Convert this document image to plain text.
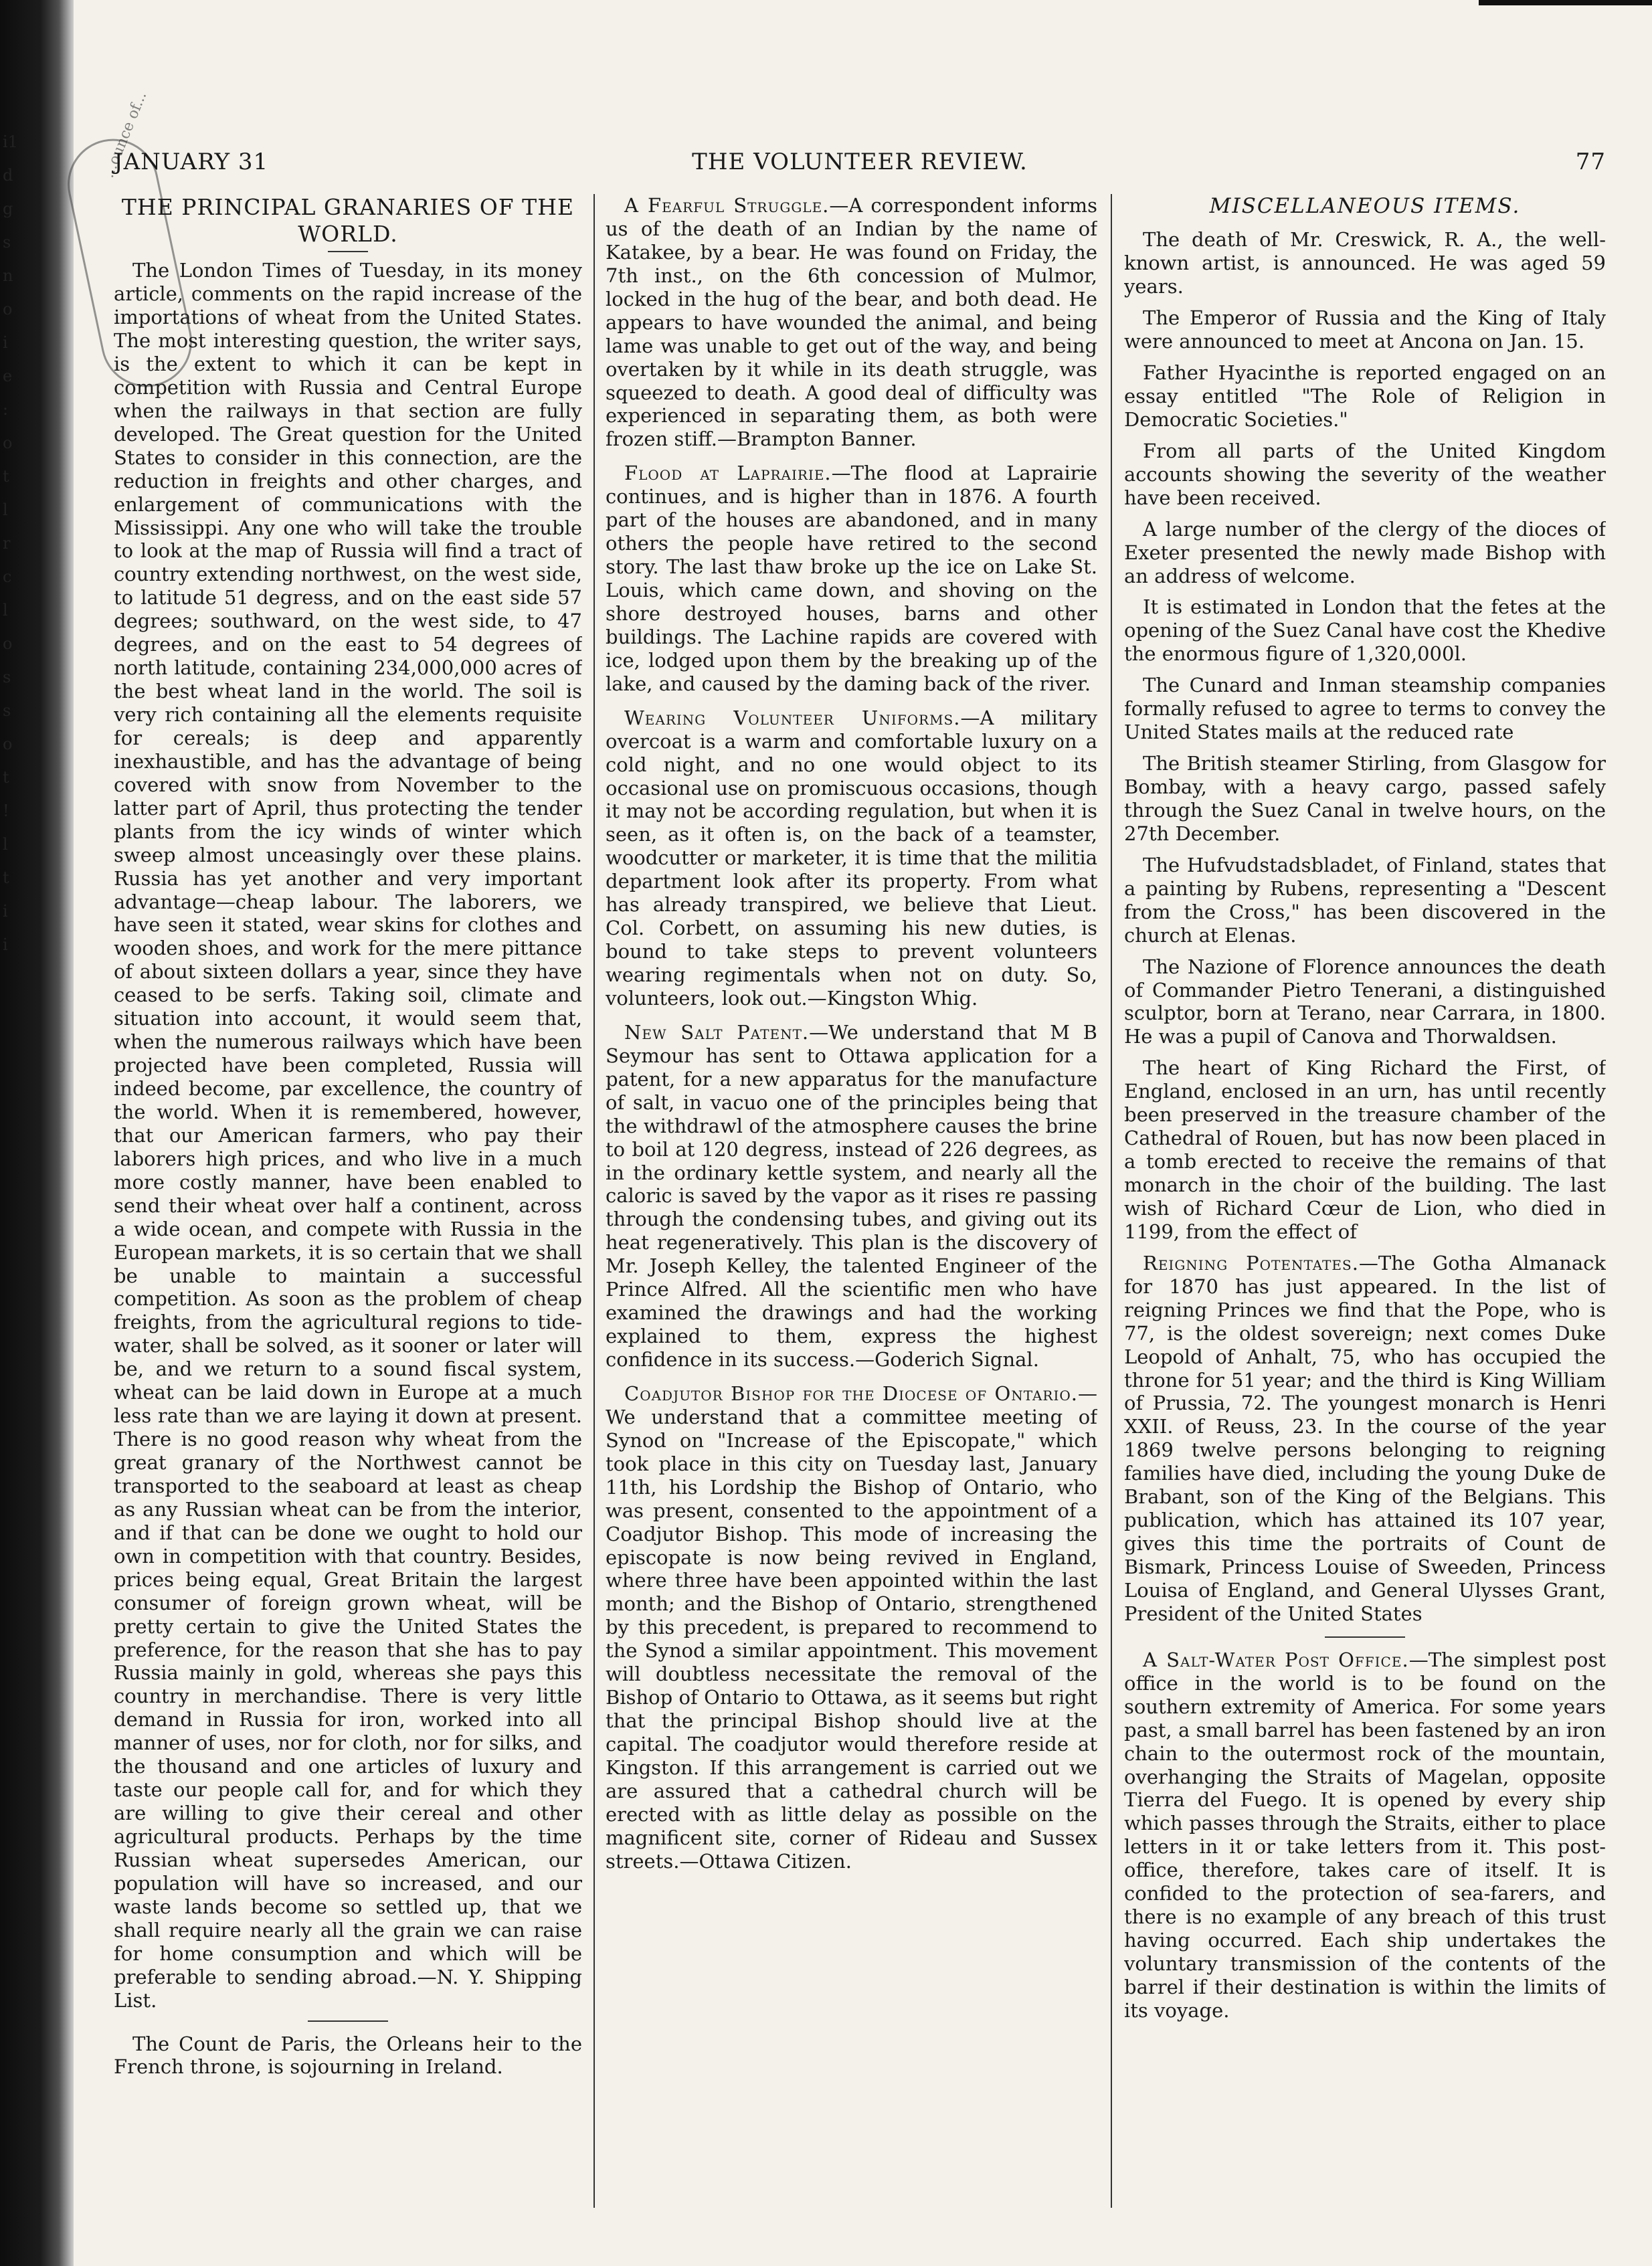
i1
d
g
s
n
o
i
e
:
o
t
l
r
c
l
o
s
s
o
t
!
l
t
i
i
...ounce of...
JANUARY 31	THE VOLUNTEER REVIEW.	77
THE PRINCIPAL GRANARIES OF THE
WORLD.

The London Times of Tuesday, in its money article, comments on the rapid increase of the importations of wheat from the United States. The most interesting question, the writer says, is the extent to which it can be kept in competition with Russia and Central Europe when the railways in that section are fully developed. The Great question for the United States to consider in this connection, are the reduction in freights and other charges, and enlargement of communications with the Mississippi. Any one who will take the trouble to look at the map of Russia will find a tract of country extending northwest, on the west side, to latitude 51 degress, and on the east side 57 degrees; southward, on the west side, to 47 degrees, and on the east to 54 degrees of north latitude, containing 234,000,000 acres of the best wheat land in the world. The soil is very rich containing all the elements requisite for cereals; is deep and apparently inexhaustible, and has the advantage of being covered with snow from November to the latter part of April, thus protecting the tender plants from the icy winds of winter which sweep almost unceasingly over these plains. Russia has yet another and very important advantage—cheap labour. The laborers, we have seen it stated, wear skins for clothes and wooden shoes, and work for the mere pittance of about sixteen dollars a year, since they have ceased to be serfs. Taking soil, climate and situation into account, it would seem that, when the numerous railways which have been projected have been completed, Russia will indeed become, par excellence, the country of the world. When it is remembered, however, that our American farmers, who pay their laborers high prices, and who live in a much more costly manner, have been enabled to send their wheat over half a continent, across a wide ocean, and compete with Russia in the European markets, it is so certain that we shall be unable to maintain a successful competition. As soon as the problem of cheap freights, from the agricultural regions to tide-water, shall be solved, as it sooner or later will be, and we return to a sound fiscal system, wheat can be laid down in Europe at a much less rate than we are laying it down at present. There is no good reason why wheat from the great granary of the Northwest cannot be transported to the seaboard at least as cheap as any Russian wheat can be from the interior, and if that can be done we ought to hold our own in competition with that country. Besides, prices being equal, Great Britain the largest consumer of foreign grown wheat, will be pretty certain to give the United States the preference, for the reason that she has to pay Russia mainly in gold, whereas she pays this country in merchandise. There is very little demand in Russia for iron, worked into all manner of uses, nor for cloth, nor for silks, and the thousand and one articles of luxury and taste our people call for, and for which they are willing to give their cereal and other agricultural products. Perhaps by the time Russian wheat supersedes American, our population will have so increased, and our waste lands become so settled up, that we shall require nearly all the grain we can raise for home consumption and which will be preferable to sending abroad.—N. Y. Shipping List.

The Count de Paris, the Orleans heir to the French throne, is sojourning in Ireland.

A Fearful Struggle.—A correspondent informs us of the death of an Indian by the name of Katakee, by a bear. He was found on Friday, the 7th inst., on the 6th concession of Mulmor, locked in the hug of the bear, and both dead. He appears to have wounded the animal, and being lame was unable to get out of the way, and being overtaken by it while in its death struggle, was squeezed to death. A good deal of difficulty was experienced in separating them, as both were frozen stiff.—Brampton Banner.

Flood at Laprairie.—The flood at Laprairie continues, and is higher than in 1876. A fourth part of the houses are abandoned, and in many others the people have retired to the second story. The last thaw broke up the ice on Lake St. Louis, which came down, and shoving on the shore destroyed houses, barns and other buildings. The Lachine rapids are covered with ice, lodged upon them by the breaking up of the lake, and caused by the daming back of the river.

Wearing Volunteer Uniforms.—A military overcoat is a warm and comfortable luxury on a cold night, and no one would object to its occasional use on promiscuous occasions, though it may not be according regulation, but when it is seen, as it often is, on the back of a teamster, woodcutter or marketer, it is time that the militia department look after its property. From what has already transpired, we believe that Lieut. Col. Corbett, on assuming his new duties, is bound to take steps to prevent volunteers wearing regimentals when not on duty. So, volunteers, look out.—Kingston Whig.

New Salt Patent.—We understand that M B Seymour has sent to Ottawa application for a patent, for a new apparatus for the manufacture of salt, in vacuo one of the principles being that the withdrawl of the atmosphere causes the brine to boil at 120 degress, instead of 226 degrees, as in the ordinary kettle system, and nearly all the caloric is saved by the vapor as it rises re passing through the condensing tubes, and giving out its heat regeneratively. This plan is the discovery of Mr. Joseph Kelley, the talented Engineer of the Prince Alfred. All the scientific men who have examined the drawings and had the working explained to them, express the highest confidence in its success.—Goderich Signal.

Coadjutor Bishop for the Diocese of Ontario.—We understand that a committee meeting of Synod on "Increase of the Episcopate," which took place in this city on Tuesday last, January 11th, his Lordship the Bishop of Ontario, who was present, consented to the appointment of a Coadjutor Bishop. This mode of increasing the episcopate is now being revived in England, where three have been appointed within the last month; and the Bishop of Ontario, strengthened by this precedent, is prepared to recommend to the Synod a similar appointment. This movement will doubtless necessitate the removal of the Bishop of Ontario to Ottawa, as it seems but right that the principal Bishop should live at the capital. The coadjutor would therefore reside at Kingston. If this arrangement is carried out we are assured that a cathedral church will be erected with as little delay as possible on the magnificent site, corner of Rideau and Sussex streets.—Ottawa Citizen.

MISCELLANEOUS ITEMS.

The death of Mr. Creswick, R. A., the well-known artist, is announced. He was aged 59 years.

The Emperor of Russia and the King of Italy were announced to meet at Ancona on Jan. 15.

Father Hyacinthe is reported engaged on an essay entitled "The Role of Religion in Democratic Societies."

From all parts of the United Kingdom accounts showing the severity of the weather have been received.

A large number of the clergy of the dioces of Exeter presented the newly made Bishop with an address of welcome.

It is estimated in London that the fetes at the opening of the Suez Canal have cost the Khedive the enormous figure of 1,320,000l.

The Cunard and Inman steamship companies formally refused to agree to terms to convey the United States mails at the reduced rate

The British steamer Stirling, from Glasgow for Bombay, with a heavy cargo, passed safely through the Suez Canal in twelve hours, on the 27th December.

The Hufvudstadsbladet, of Finland, states that a painting by Rubens, representing a "Descent from the Cross," has been discovered in the church at Elenas.

The Nazione of Florence announces the death of Commander Pietro Tenerani, a distinguished sculptor, born at Terano, near Carrara, in 1800. He was a pupil of Canova and Thorwaldsen.

The heart of King Richard the First, of England, enclosed in an urn, has until recently been preserved in the treasure chamber of the Cathedral of Rouen, but has now been placed in a tomb erected to receive the remains of that monarch in the choir of the building. The last wish of Richard Cœur de Lion, who died in 1199, from the effect of

Reigning Potentates.—The Gotha Almanack for 1870 has just appeared. In the list of reigning Princes we find that the Pope, who is 77, is the oldest sovereign; next comes Duke Leopold of Anhalt, 75, who has occupied the throne for 51 year; and the third is King William of Prussia, 72. The youngest monarch is Henri XXII. of Reuss, 23. In the course of the year 1869 twelve persons belonging to reigning families have died, including the young Duke de Brabant, son of the King of the Belgians. This publication, which has attained its 107 year, gives this time the portraits of Count de Bismark, Princess Louise of Sweeden, Princess Louisa of England, and General Ulysses Grant, President of the United States

A Salt-Water Post Office.—The simplest post office in the world is to be found on the southern extremity of America. For some years past, a small barrel has been fastened by an iron chain to the outermost rock of the mountain, overhanging the Straits of Magelan, opposite Tierra del Fuego. It is opened by every ship which passes through the Straits, either to place letters in it or take letters from it. This post-office, therefore, takes care of itself. It is confided to the protection of sea-farers, and there is no example of any breach of this trust having occurred. Each ship undertakes the voluntary transmission of the contents of the barrel if their destination is within the limits of its voyage.
